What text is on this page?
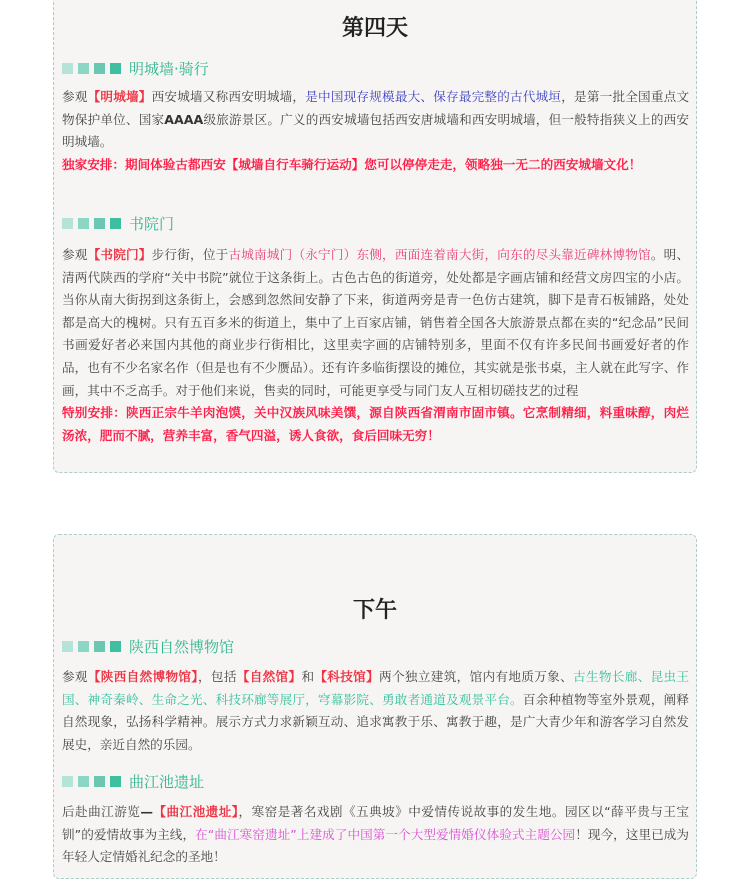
第四天
明城墙·骑行
参观【明城墙】西安城墙又称西安明城墙，是中国现存规模最大、保存最完整的古代城垣，是第一批全国重点文物保护单位、国家AAAA级旅游景区。广义的西安城墙包括西安唐城墙和西安明城墙，但一般特指狭义上的西安明城墙。
独家安排：期间体验古都西安【城墙自行车骑行运动】您可以停停走走，领略独一无二的西安城墙文化！
书院门
参观【书院门】步行街，位于古城南城门（永宁门）东侧，西面连着南大街，向东的尽头靠近碑林博物馆。明、清两代陕西的学府“关中书院”就位于这条街上。古色古色的街道旁，处处都是字画店铺和经营文房四宝的小店。当你从南大街拐到这条街上，会感到忽然间安静了下来，街道两旁是青一色仿古建筑，脚下是青石板铺路，处处都是高大的槐树。只有五百多米的街道上，集中了上百家店铺，销售着全国各大旅游景点都在卖的“纪念品”民间书画爱好者必来国内其他的商业步行街相比，这里卖字画的店铺特别多，里面不仅有许多民间书画爱好者的作品，也有不少名家名作（但是也有不少赝品）。还有许多临街摆设的摊位，其实就是张书桌，主人就在此写字、作画，其中不乏高手。对于他们来说，售卖的同时，可能更享受与同门友人互相切磋技艺的过程
特别安排：陕西正宗牛羊肉泡馍，关中汉族风味美馔，源自陕西省渭南市固市镇。它烹制精细，料重味醇，肉烂汤浓，肥而不腻，营养丰富，香气四溢，诱人食欲，食后回味无穷！
下午
陕西自然博物馆
参观【陕西自然博物馆】，包括【自然馆】和【科技馆】两个独立建筑，馆内有地质万象、古生物长廊、昆虫王国、神奇秦岭、生命之光、科技环廊等展厅，穹幕影院、勇敢者通道及观景平台。百余种植物等室外景观，阐释自然现象，弘扬科学精神。展示方式力求新颖互动、追求寓教于乐、寓教于趣，是广大青少年和游客学习自然发展史，亲近自然的乐园。
曲江池遗址
后赴曲江游览—【曲江池遗址】，寒窑是著名戏剧《五典坡》中爱情传说故事的发生地。园区以“薛平贵与王宝钏”的爱情故事为主线，在“曲江寒窑遗址”上建成了中国第一个大型爱情婚仪体验式主题公园！现今，这里已成为年轻人定情婚礼纪念的圣地！
